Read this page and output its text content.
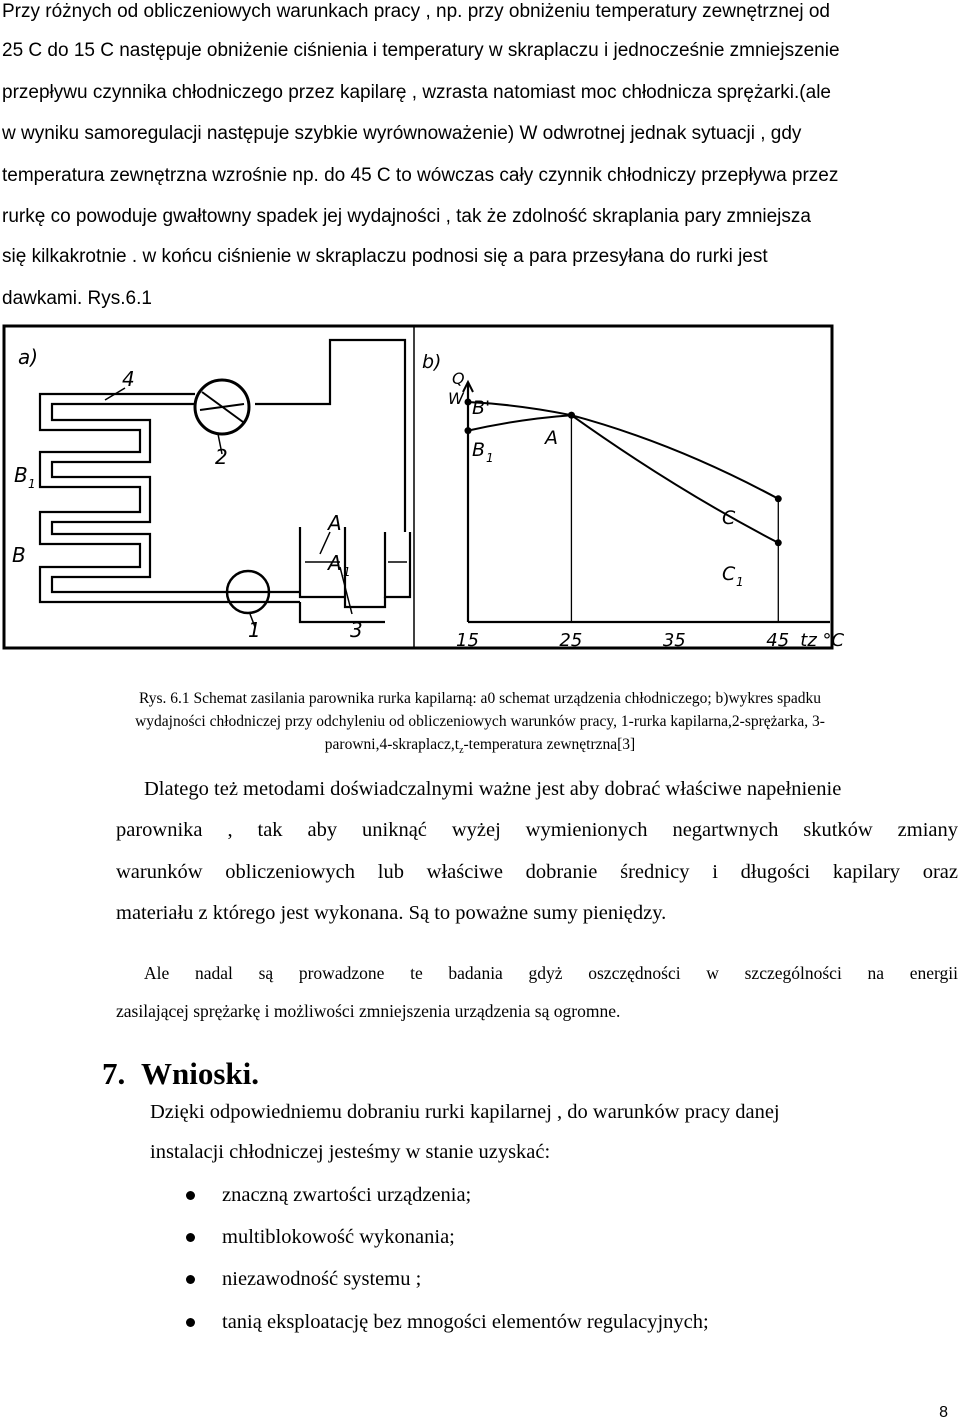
Przy różnych od obliczeniowych warunkach pracy , np. przy obniżeniu temperatury zewnętrznej od
25 C do 15 C następuje obniżenie ciśnienia i temperatury w skraplaczu i jednocześnie zmniejszenie
przepływu czynnika chłodniczego przez kapilarę , wzrasta natomiast moc chłodnicza sprężarki.(ale
w wyniku samoregulacji następuje szybkie wyrównoważenie) W odwrotnej jednak sytuacji , gdy
temperatura zewnętrzna wzrośnie np. do 45 C to wówczas cały czynnik chłodniczy przepływa przez
rurkę co powoduje gwałtowny spadek jej wydajności , tak że zdolność skraplania pary zmniejsza
się kilkakrotnie . w końcu ciśnienie w skraplaczu podnosi się a para przesyłana do rurki jest
dawkami. Rys.6.1
a)
4
2
B 1
B
A
A 1
1	3	15	25	35	45 tz °C
b)
Q
W B'
A
B 1
C
C 1
Rys. 6.1 Schemat zasilania parownika rurka kapilarną: a0 schemat urządzenia chłodniczego; b)wykres spadku
wydajności chłodniczej przy odchyleniu od obliczeniowych warunków pracy, 1-rurka kapilarna,2-sprężarka, 3-
$parowni,4-skraplacz,t_z$-temperatura zewnętrzna[3]
Dlatego też metodami doświadczalnymi ważne jest aby dobrać właściwe napełnienie
parownika , tak aby uniknąć wyżej wymienionych negartwnych skutków zmiany
warunków obliczeniowych lub właściwe dobranie średnicy i długości kapilary oraz
materiału z którego jest wykonana. Są to poważne sumy pieniędzy.
Ale nadal są prowadzone te badania gdyż oszczędności w szczególności na energii
zasilającej sprężarkę i możliwości zmniejszenia urządzenia są ogromne.
7. Wnioski.
Dzięki odpowiedniemu dobraniu rurki kapilarnej , do warunków pracy danej
instalacji chłodniczej jesteśmy w stanie uzyskać:
znaczną zwartości urządzenia;
multiblokowość wykonania;
niezawodność systemu ;
tanią eksploatację bez mnogości elementów regulacyjnych;
8
